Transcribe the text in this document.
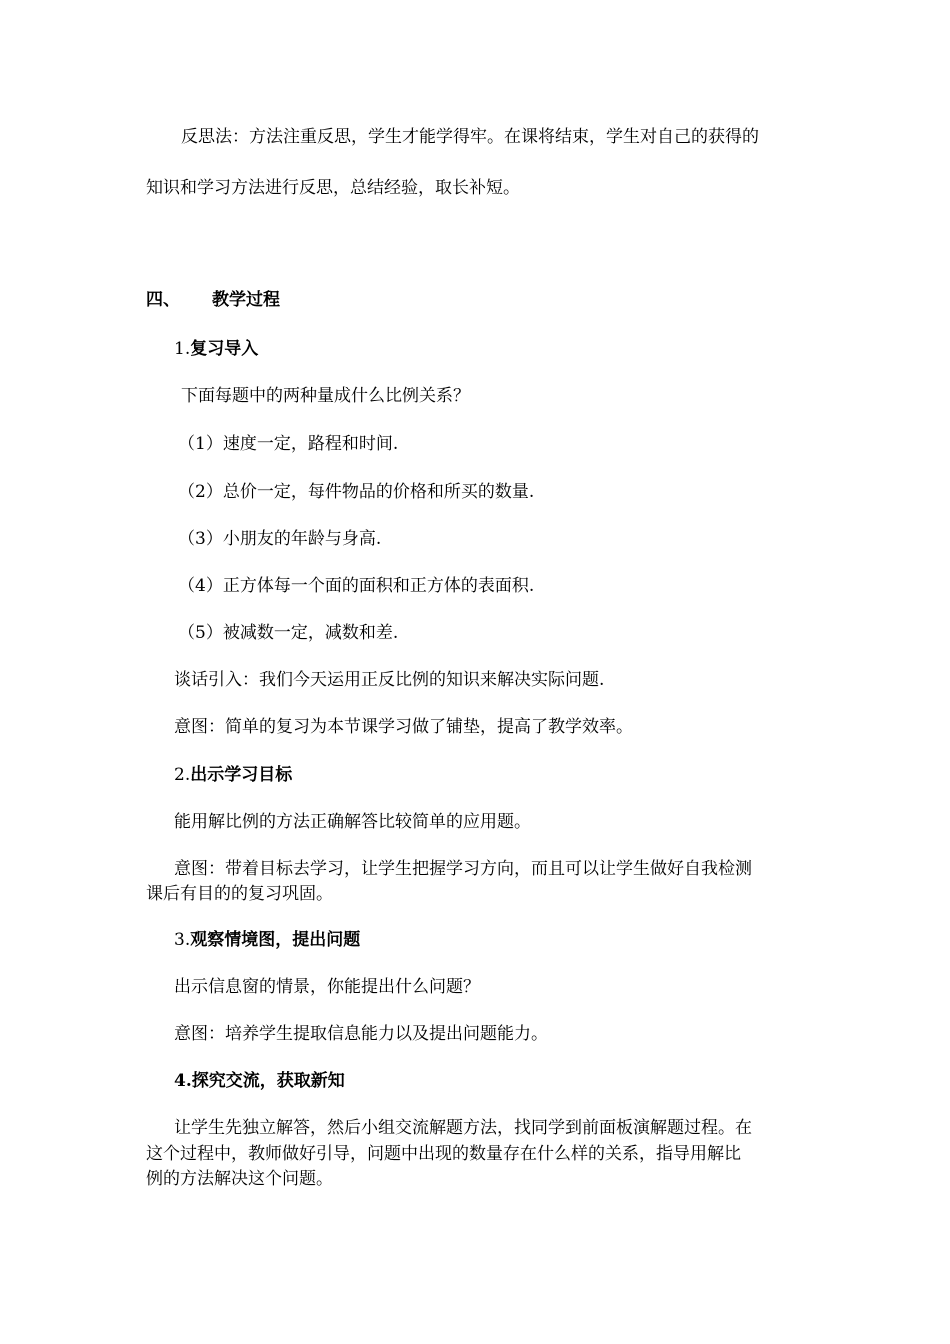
反思法：方法注重反思，学生才能学得牢。在课将结束，学生对自己的获得的
知识和学习方法进行反思，总结经验，取长补短。
四、 教学过程
1.复习导入
下面每题中的两种量成什么比例关系？
（1）速度一定，路程和时间.
（2）总价一定，每件物品的价格和所买的数量.
（3）小朋友的年龄与身高.
（4）正方体每一个面的面积和正方体的表面积.
（5）被减数一定，减数和差.
谈话引入：我们今天运用正反比例的知识来解决实际问题.
意图：简单的复习为本节课学习做了铺垫，提高了教学效率。
2.出示学习目标
能用解比例的方法正确解答比较简单的应用题。
意图：带着目标去学习，让学生把握学习方向，而且可以让学生做好自我检测
课后有目的的复习巩固。
3.观察情境图，提出问题
出示信息窗的情景，你能提出什么问题？
意图：培养学生提取信息能力以及提出问题能力。
4.探究交流，获取新知
让学生先独立解答，然后小组交流解题方法，找同学到前面板演解题过程。在
这个过程中，教师做好引导，问题中出现的数量存在什么样的关系，指导用解比
例的方法解决这个问题。
